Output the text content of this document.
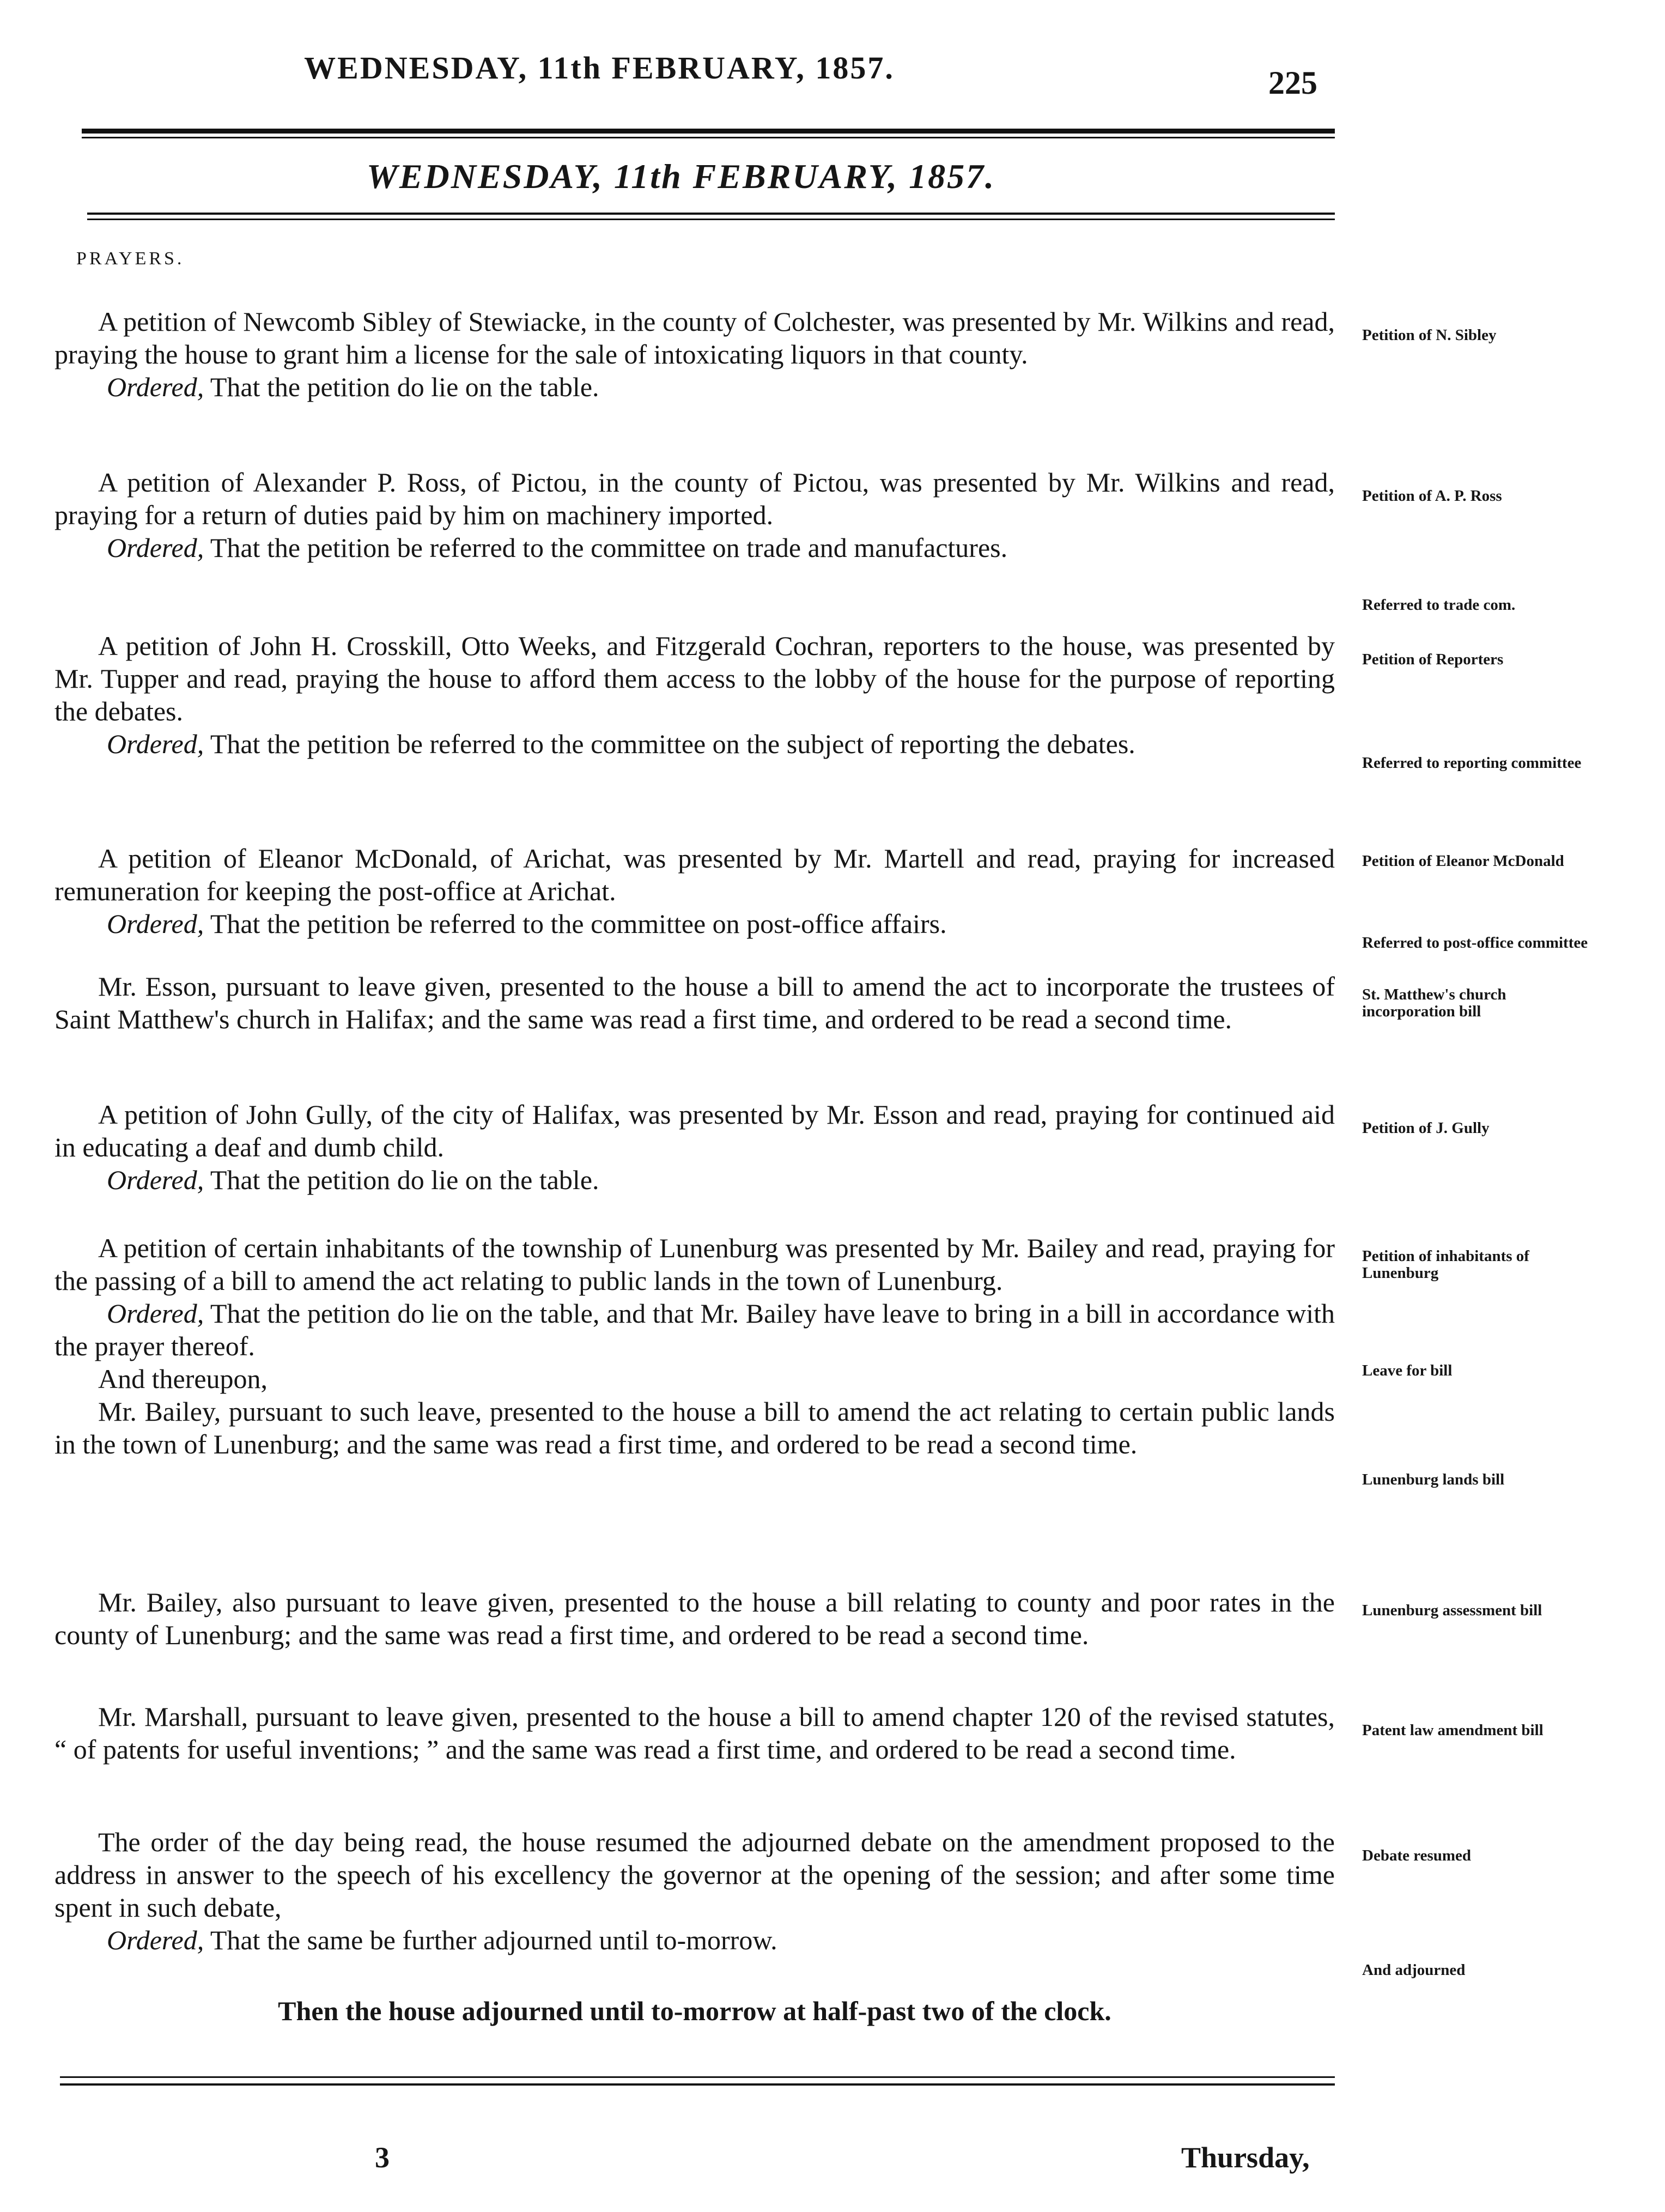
WEDNESDAY, 11th FEBRUARY, 1857.	225
WEDNESDAY, 11th FEBRUARY, 1857.
PRAYERS.

A petition of Newcomb Sibley of Stewiacke, in the county of Colchester, was presented by Mr. Wilkins and read, praying the house to grant him a license for the sale of intoxicating liquors in that county.

Ordered, That the petition do lie on the table.

Petition of N. Sibley

A petition of Alexander P. Ross, of Pictou, in the county of Pictou, was presented by Mr. Wilkins and read, praying for a return of duties paid by him on machinery imported.

Ordered, That the petition be referred to the committee on trade and manufactures.

Petition of A. P. Ross
Referred to trade com.

A petition of John H. Crosskill, Otto Weeks, and Fitzgerald Cochran, reporters to the house, was presented by Mr. Tupper and read, praying the house to afford them access to the lobby of the house for the purpose of reporting the debates.

Ordered, That the petition be referred to the committee on the subject of reporting the debates.

Petition of Reporters
Referred to reporting committee

A petition of Eleanor McDonald, of Arichat, was presented by Mr. Martell and read, praying for increased remuneration for keeping the post-office at Arichat.

Ordered, That the petition be referred to the committee on post-office affairs.

Petition of Eleanor McDonald
Referred to post-office committee

Mr. Esson, pursuant to leave given, presented to the house a bill to amend the act to incorporate the trustees of Saint Matthew's church in Halifax; and the same was read a first time, and ordered to be read a second time.

St. Matthew's church incorporation bill

A petition of John Gully, of the city of Halifax, was presented by Mr. Esson and read, praying for continued aid in educating a deaf and dumb child.

Ordered, That the petition do lie on the table.

Petition of J. Gully

A petition of certain inhabitants of the township of Lunenburg was presented by Mr. Bailey and read, praying for the passing of a bill to amend the act relating to public lands in the town of Lunenburg.

Ordered, That the petition do lie on the table, and that Mr. Bailey have leave to bring in a bill in accordance with the prayer thereof.

And thereupon,

Mr. Bailey, pursuant to such leave, presented to the house a bill to amend the act relating to certain public lands in the town of Lunenburg; and the same was read a first time, and ordered to be read a second time.

Petition of inhabitants of Lunenburg
Leave for bill
Lunenburg lands bill

Mr. Bailey, also pursuant to leave given, presented to the house a bill relating to county and poor rates in the county of Lunenburg; and the same was read a first time, and ordered to be read a second time.

Lunenburg assessment bill

Mr. Marshall, pursuant to leave given, presented to the house a bill to amend chapter 120 of the revised statutes, “ of patents for useful inventions; ” and the same was read a first time, and ordered to be read a second time.

Patent law amendment bill

The order of the day being read, the house resumed the adjourned debate on the amendment proposed to the address in answer to the speech of his excellency the governor at the opening of the session; and after some time spent in such debate,

Ordered, That the same be further adjourned until to-morrow.

Debate resumed
And adjourned

Then the house adjourned until to-morrow at half-past two of the clock.

3	Thursday,
